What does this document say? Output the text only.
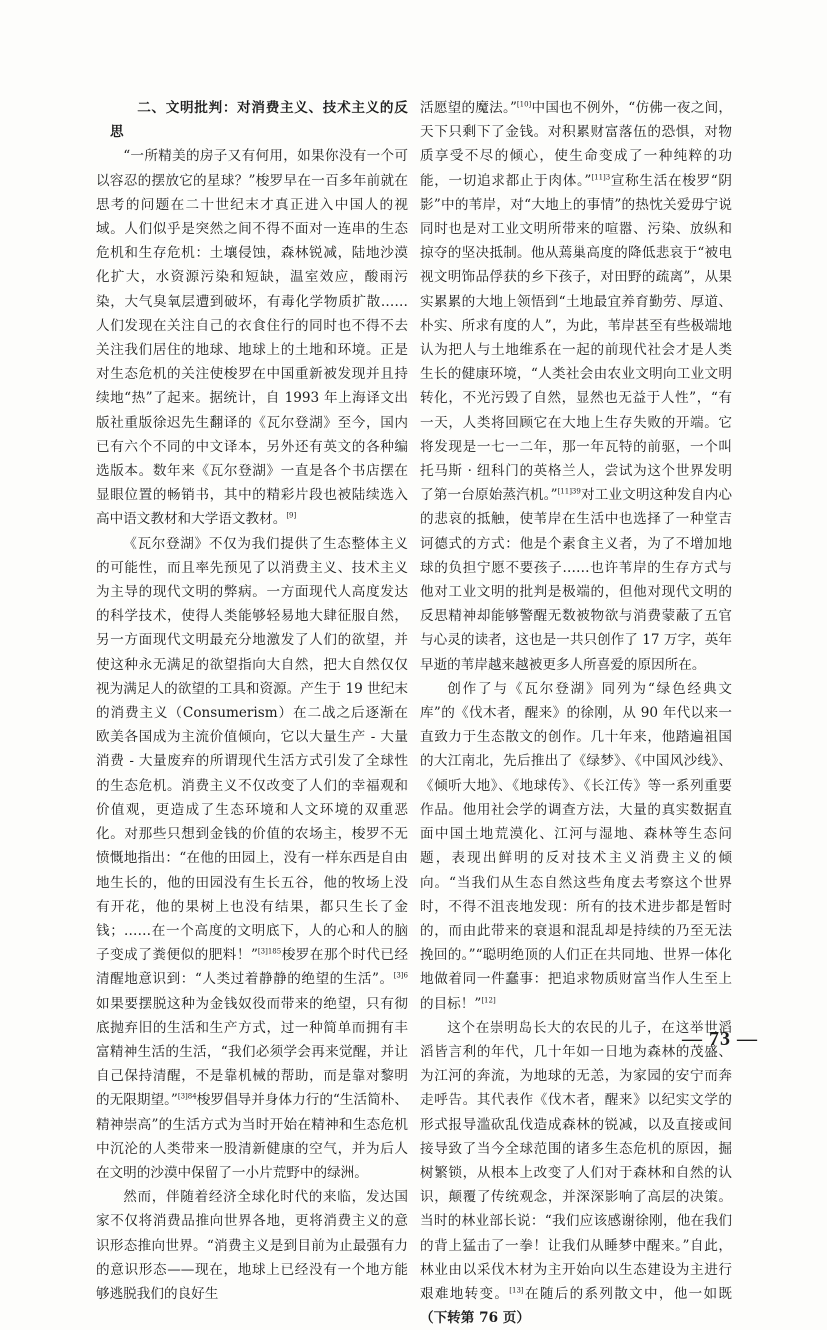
二、文明批判：对消费主义、技术主义的反思

“一所精美的房子又有何用，如果你没有一个可以容忍的摆放它的星球？”梭罗早在一百多年前就在思考的问题在二十世纪末才真正进入中国人的视域。人们似乎是突然之间不得不面对一连串的生态危机和生存危机：土壤侵蚀，森林锐减，陆地沙漠化扩大，水资源污染和短缺，温室效应，酸雨污染，大气臭氧层遭到破坏，有毒化学物质扩散……人们发现在关注自己的衣食住行的同时也不得不去关注我们居住的地球、地球上的土地和环境。正是对生态危机的关注使梭罗在中国重新被发现并且持续地“热”了起来。据统计，自 1993 年上海译文出版社重版徐迟先生翻译的《瓦尔登湖》至今，国内已有六个不同的中文译本，另外还有英文的各种编选版本。数年来《瓦尔登湖》一直是各个书店摆在显眼位置的畅销书，其中的精彩片段也被陆续选入高中语文教材和大学语文教材。[9]

《瓦尔登湖》不仅为我们提供了生态整体主义的可能性，而且率先预见了以消费主义、技术主义为主导的现代文明的弊病。一方面现代人高度发达的科学技术，使得人类能够轻易地大肆征服自然，另一方面现代文明最充分地激发了人们的欲望，并使这种永无满足的欲望指向大自然，把大自然仅仅视为满足人的欲望的工具和资源。产生于 19 世纪末的消费主义（Consumerism）在二战之后逐渐在欧美各国成为主流价值倾向，它以大量生产 - 大量消费 - 大量废弃的所谓现代生活方式引发了全球性的生态危机。消费主义不仅改变了人们的幸福观和价值观，更造成了生态环境和人文环境的双重恶化。对那些只想到金钱的价值的农场主，梭罗不无愤慨地指出：“在他的田园上，没有一样东西是自由地生长的，他的田园没有生长五谷，他的牧场上没有开花，他的果树上也没有结果，都只生长了金钱；……在一个高度的文明底下，人的心和人的脑子变成了粪便似的肥料！”$^{[3]185}$梭罗在那个时代已经清醒地意识到：“人类过着静静的绝望的生活”。$^{[3]6}$如果要摆脱这种为金钱奴役而带来的绝望，只有彻底抛弃旧的生活和生产方式，过一种简单而拥有丰富精神生活的生活，“我们必须学会再来觉醒，并让自己保持清醒，不是靠机械的帮助，而是靠对黎明的无限期望。”$^{[3]84}$梭罗倡导并身体力行的“生活简朴、精神崇高”的生活方式为当时开始在精神和生态危机中沉沦的人类带来一股清新健康的空气，并为后人在文明的沙漠中保留了一小片荒野中的绿洲。

然而，伴随着经济全球化时代的来临，发达国家不仅将消费品推向世界各地，更将消费主义的意识形态推向世界。“消费主义是到目前为止最强有力的意识形态——现在，地球上已经没有一个地方能够逃脱我们的良好生

活愿望的魔法。”[10]中国也不例外，“仿佛一夜之间，天下只剩下了金钱。对积累财富落伍的恐惧，对物质享受不尽的倾心，使生命变成了一种纯粹的功能，一切追求都止于肉体。”$^{[11]3}$宣称生活在梭罗“阴影”中的苇岸，对“大地上的事情”的热忱关爱毋宁说同时也是对工业文明所带来的喧嚣、污染、放纵和掠夺的坚决抵制。他从蔫巢高度的降低悲哀于“被电视文明饰品俘获的乡下孩子，对田野的疏离”，从果实累累的大地上领悟到“土地最宜养育勤劳、厚道、朴实、所求有度的人”，为此，苇岸甚至有些极端地认为把人与土地维系在一起的前现代社会才是人类生长的健康环境，“人类社会由农业文明向工业文明转化，不光污毁了自然，显然也无益于人性”，“有一天，人类将回顾它在大地上生存失败的开端。它将发现是一七一二年，那一年瓦特的前驱，一个叫托马斯 · 纽科门的英格兰人，尝试为这个世界发明了第一台原始蒸汽机。”$^{[11]39}$对工业文明这种发自内心的悲哀的抵触，使苇岸在生活中也选择了一种堂吉诃德式的方式：他是个素食主义者，为了不增加地球的负担宁愿不要孩子……也许苇岸的生存方式与他对工业文明的批判是极端的，但他对现代文明的反思精神却能够警醒无数被物欲与消费蒙蔽了五官与心灵的读者，这也是一共只创作了 17 万字，英年早逝的苇岸越来越被更多人所喜爱的原因所在。

创作了与《瓦尔登湖》同列为“绿色经典文库”的《伐木者，醒来》的徐刚，从 90 年代以来一直致力于生态散文的创作。几十年来，他踏遍祖国的大江南北，先后推出了《绿梦》、《中国风沙线》、《倾听大地》、《地球传》、《长江传》等一系列重要作品。他用社会学的调查方法，大量的真实数据直面中国土地荒漠化、江河与湿地、森林等生态问题，表现出鲜明的反对技术主义消费主义的倾向。“当我们从生态自然这些角度去考察这个世界时，不得不沮丧地发现：所有的技术进步都是暂时的，而由此带来的衰退和混乱却是持续的乃至无法挽回的。”“聪明绝顶的人们正在共同地、世界一体化地做着同一件蠢事：把追求物质财富当作人生至上的目标！”[12]

这个在崇明岛长大的农民的儿子，在这举世滔滔皆言利的年代，几十年如一日地为森林的茂盛、为江河的奔流，为地球的无恙，为家园的安宁而奔走呼告。其代表作《伐木者，醒来》以纪实文学的形式报导滥砍乱伐造成森林的锐减，以及直接或间接导致了当今全球范围的诸多生态危机的原因，掘树繁锁，从根本上改变了人们对于森林和自然的认识，颠覆了传统观念，并深深影响了高层的决策。当时的林业部长说：“我们应该感谢徐刚，他在我们的背上猛击了一拳！让我们从睡梦中醒来。”自此，林业由以采伐木材为主开始向以生态建设为主进行艰难地转变。[13]在随后的系列散文中，他一如既（下转第 76 页）

— 73 —
